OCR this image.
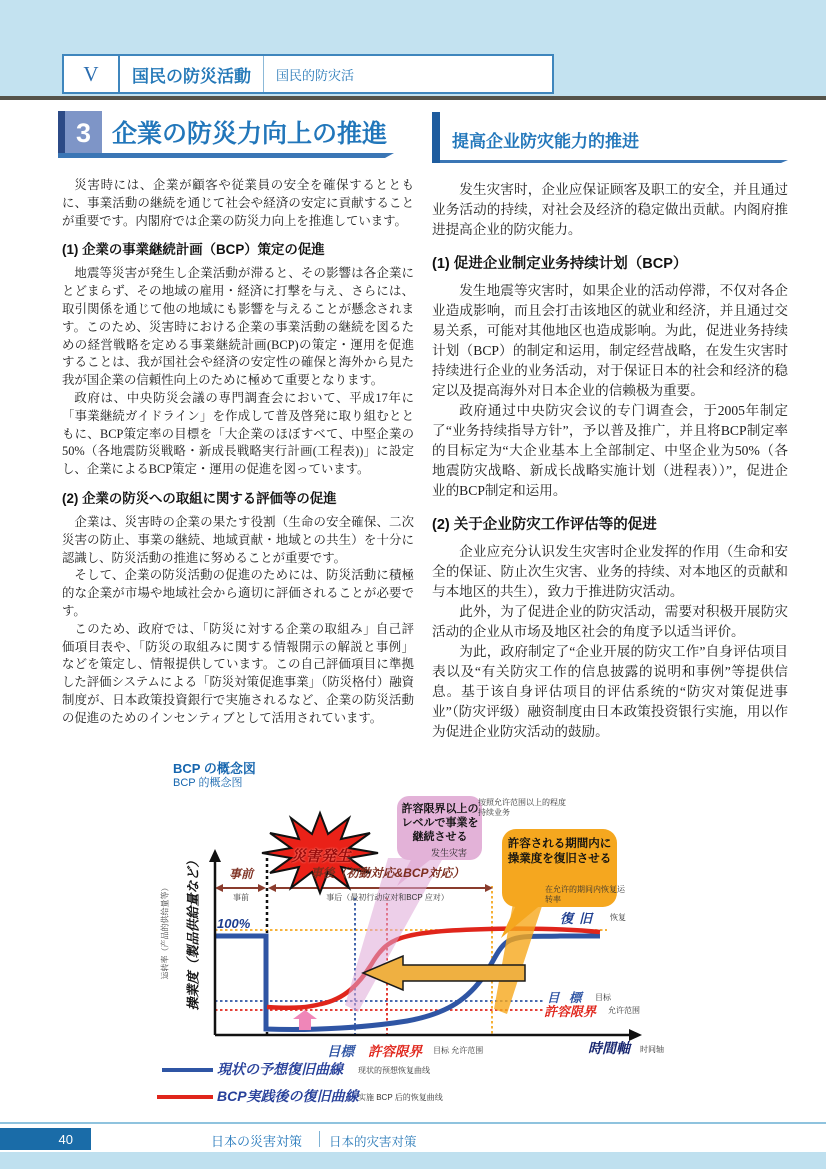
V	国民の防災活動	国民的防灾活
3 企業の防災力向上の推進	提高企业防灾能力的推进

災害時には、企業が顧客や従業員の安全を確保するとともに、事業活動の継続を通じて社会や経済の安定に貢献することが重要です。内閣府では企業の防災力向上を推進しています。

(1) 企業の事業継続計画（BCP）策定の促進

地震等災害が発生し企業活動が滞ると、その影響は各企業にとどまらず、その地域の雇用・経済に打撃を与え、さらには、取引関係を通じて他の地域にも影響を与えることが懸念されます。このため、災害時における企業の事業活動の継続を図るための経営戦略を定める事業継続計画(BCP)の策定・運用を促進することは、我が国社会や経済の安定性の確保と海外から見た我が国企業の信頼性向上のために極めて重要となります。

政府は、中央防災会議の専門調査会において、平成17年に「事業継続ガイドライン」を作成して普及啓発に取り組むとともに、BCP策定率の目標を「大企業のほぼすべて、中堅企業の50%（各地震防災戦略・新成長戦略実行計画(工程表))」に設定し、企業によるBCP策定・運用の促進を図っています。

(2) 企業の防災への取組に関する評価等の促進

企業は、災害時の企業の果たす役割（生命の安全確保、二次災害の防止、事業の継続、地域貢献・地域との共生）を十分に認識し、防災活動の推進に努めることが重要です。

そして、企業の防災活動の促進のためには、防災活動に積極的な企業が市場や地域社会から適切に評価されることが必要です。

このため、政府では、「防災に対する企業の取組み」自己評価項目表や、「防災の取組みに関する情報開示の解説と事例」などを策定し、情報提供しています。この自己評価項目に準拠した評価システムによる「防災対策促進事業」（防災格付）融資制度が、日本政策投資銀行で実施されるなど、企業の防災活動の促進のためのインセンティブとして活用されています。

发生灾害时，企业应保证顾客及职工的安全，并且通过业务活动的持续，对社会及经济的稳定做出贡献。内阁府推进提高企业的防灾能力。

(1) 促进企业制定业务持续计划（BCP）

发生地震等灾害时，如果企业的活动停滞，不仅对各企业造成影响，而且会打击该地区的就业和经济，并且通过交易关系，可能对其他地区也造成影响。为此，促进业务持续计划（BCP）的制定和运用，制定经营战略，在发生灾害时持续进行企业的业务活动，对于保证日本的社会和经济的稳定以及提高海外对日本企业的信赖极为重要。

政府通过中央防灾会议的专门调查会，于2005年制定了“业务持续指导方针”，予以普及推广，并且将BCP制定率的目标定为“大企业基本上全部制定、中坚企业为50%（各地震防灾战略、新成长战略实施计划（进程表））”，促进企业的BCP制定和运用。

(2) 关于企业防灾工作评估等的促进

企业应充分认识发生灾害时企业发挥的作用（生命和安全的保证、防止次生灾害、业务的持续、对本地区的贡献和与本地区的共生），致力于推进防灾活动。

此外，为了促进企业的防灾活动，需要对积极开展防灾活动的企业从市场及地区社会的角度予以适当评价。

为此，政府制定了“企业开展的防灾工作”自身评估项目表以及“有关防灾工作的信息披露的说明和事例”等提供信息。基于该自身评估项目的评估系统的“防灾对策促进事业”（防灾评级）融资制度由日本政策投资银行实施，用以作为促进企业防灾活动的鼓励。

BCP の概念図
BCP 的概念图
災害発生	发生灾害
事前
事前
事後（初動対応&BCP対応）
事后（最初行动应对和BCP 应对）
許容限界以上のレベルで事業を継続させる
按照允许范围以上的程度持续业务
許容される期間内に操業度を復旧させる
在允许的期间内恢复运转率
100%
操業度（製品供給量など）
运转率（产品的供给量等）	復旧 恢复
目 標 目标
許容限界 允许范围
目標 許容限界 目标 允许范围	時間軸 时间轴
現状の予想復旧曲線 现状的预想恢复曲线
BCP実践後の復旧曲線 实施 BCP 后的恢复曲线
40	日本の災害対策 日本的灾害对策
